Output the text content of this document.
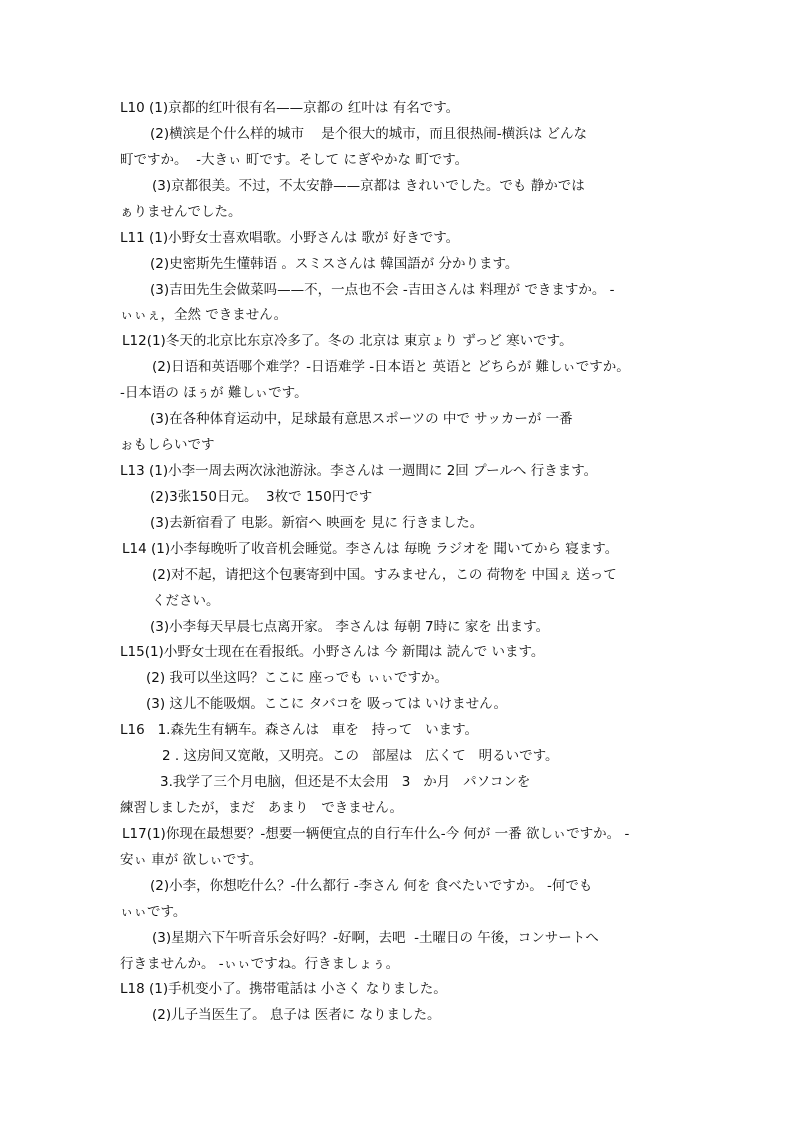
L10 (1)京都的红叶很有名——京都の 红叶は 有名です。
(2)横滨是个什么样的城市    是个很大的城市，而且很热闹-横浜は どんな
町ですか。  -大きぃ 町です。そして にぎやかな 町です。
(3)京都很美。不过，不太安静——京都は きれいでした。でも 静かでは
ぁりませんでした。
L11 (1)小野女士喜欢唱歌。小野さんは 歌が 好きです。
(2)史密斯先生懂韩语 。スミスさんは 韓国語が 分かります。
(3)吉田先生会做菜吗——不，一点也不会 -吉田さんは 料理が できますか。 -
ぃぃぇ，全然 できません。
L12(1)冬天的北京比东京冷多了。冬の 北京は 東京ょり ずっど 寒いです。
(2)日语和英语哪个难学？-日语难学 -日本语と 英语と どちらが 難しぃですか。
-日本语の ほぅが 難しぃです。
(3)在各种体育运动中，足球最有意思スポーツの 中で サッカーが 一番
ぉもしらいです
L13 (1)小李一周去两次泳池游泳。李さんは 一週間に 2回 プールへ 行きます。
(2)3张150日元。  3枚で 150円です
(3)去新宿看了 电影。新宿へ 映画を 見に 行きました。
L14 (1)小李每晚听了收音机会睡觉。李さんは 毎晩 ラジオを 聞いてから 寝ます。
(2)对不起，请把这个包裹寄到中国。すみません，この 荷物を 中国ぇ 送って
ください。
(3)小李每天早晨七点离开家。 李さんは 毎朝 7時に 家を 出ます。
L15(1)小野女士现在在看报纸。小野さんは 今 新聞は 読んで います。
(2) 我可以坐这吗？ここに 座っでも ぃぃですか。
(3) 这儿不能吸烟。ここに タバコを 吸っては いけません。
L16   1.森先生有辆车。森さんは   車を   持って   います。
2 . 这房间又宽敞，又明亮。この   部屋は   広くて   明るいです。
3.我学了三个月电脑，但还是不太会用   3   か月   パソコンを
練習しましたが，まだ   あまり   できません。
L17(1)你现在最想要？-想要一辆便宜点的自行车什么-今 何が 一番 欲しぃですか。 -
安ぃ 車が 欲しぃです。
(2)小李，你想吃什么？-什么都行 -李さん 何を 食べたいですか。 -何でも
ぃぃです。
(3)星期六下午听音乐会好吗？-好啊，去吧  -土曜日の 午後，コンサートへ
行きませんか。 -ぃぃですね。行きましょぅ。
L18 (1)手机变小了。携帯電話は 小さく なりました。
(2)儿子当医生了。 息子は 医者に なりました。
